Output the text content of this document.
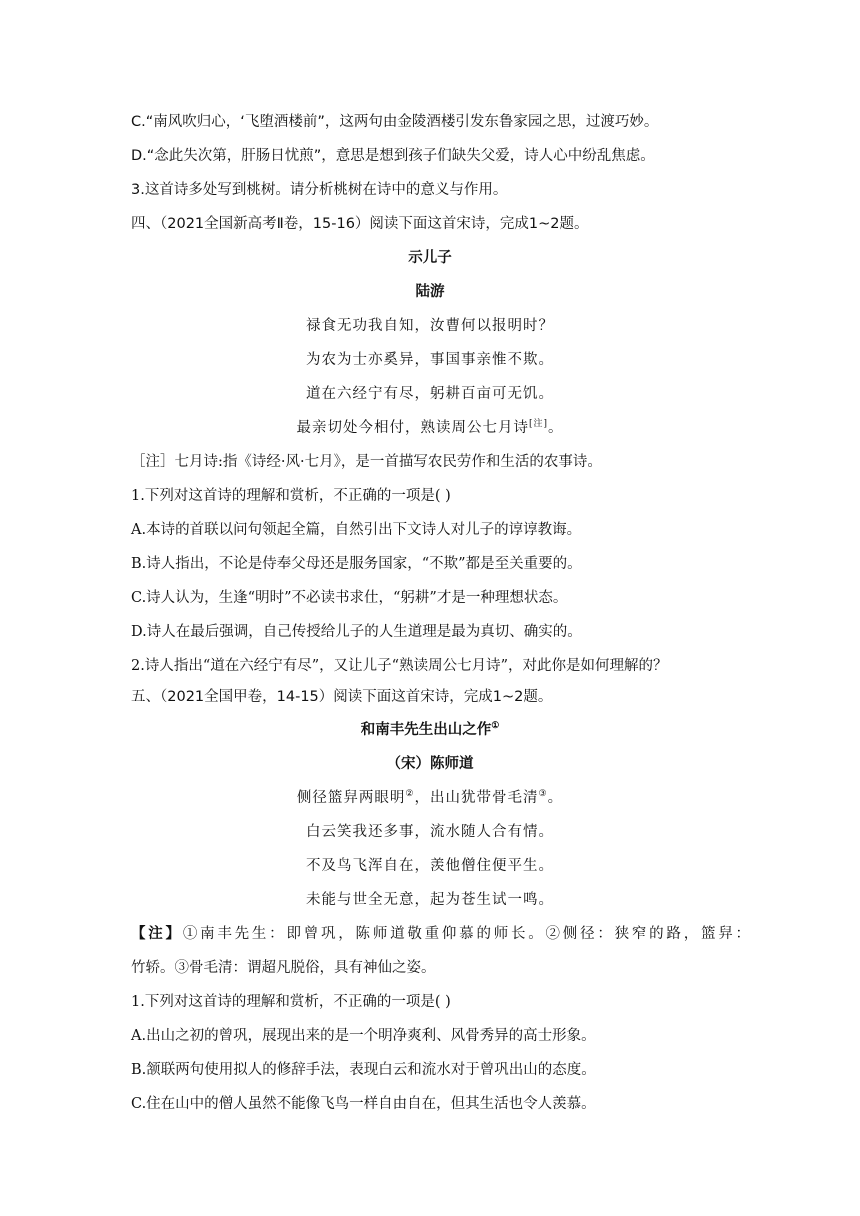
C.“南风吹归心，‘飞堕酒楼前”，这两句由金陵酒楼引发东鲁家园之思，过渡巧妙。
D.“念此失次第，肝肠日忧煎”，意思是想到孩子们缺失父爱，诗人心中纷乱焦虑。
3.这首诗多处写到桃树。请分析桃树在诗中的意义与作用。
四、（2021全国新高考Ⅱ卷，15-16）阅读下面这首宋诗，完成1~2题。
示儿子
陆游
禄食无功我自知，汝曹何以报明时？
为农为士亦奚异，事国事亲惟不欺。
道在六经宁有尽，躬耕百亩可无饥。
最亲切处今相付，熟读周公七月诗[注]。
［注］七月诗:指《诗经·风·七月》，是一首描写农民劳作和生活的农事诗。
1.下列对这首诗的理解和赏析，不正确的一项是( )
A.本诗的首联以问句领起全篇，自然引出下文诗人对儿子的谆谆教诲。
B.诗人指出，不论是侍奉父母还是服务国家，“不欺”都是至关重要的。
C.诗人认为，生逢“明时”不必读书求仕，“躬耕”才是一种理想状态。
D.诗人在最后强调，自己传授给儿子的人生道理是最为真切、确实的。
2.诗人指出“道在六经宁有尽”，又让儿子“熟读周公七月诗”，对此你是如何理解的？
五、（2021全国甲卷，14-15）阅读下面这首宋诗，完成1~2题。
和南丰先生出山之作①
（宋）陈师道
侧径篮舁两眼明②，出山犹带骨毛清③。
白云笑我还多事，流水随人合有情。
不及鸟飞浑自在，羡他僧住便平生。
未能与世全无意，起为苍生试一鸣。
【注】①南丰先生：即曾巩，陈师道敬重仰慕的师长。②侧径：狭窄的路，篮舁：
竹轿。③骨毛清：谓超凡脱俗，具有神仙之姿。
1.下列对这首诗的理解和赏析，不正确的一项是( )
A.出山之初的曾巩，展现出来的是一个明净爽利、风骨秀异的高士形象。
B.颔联两句使用拟人的修辞手法，表现白云和流水对于曾巩出山的态度。
C.住在山中的僧人虽然不能像飞鸟一样自由自在，但其生活也令人羡慕。
